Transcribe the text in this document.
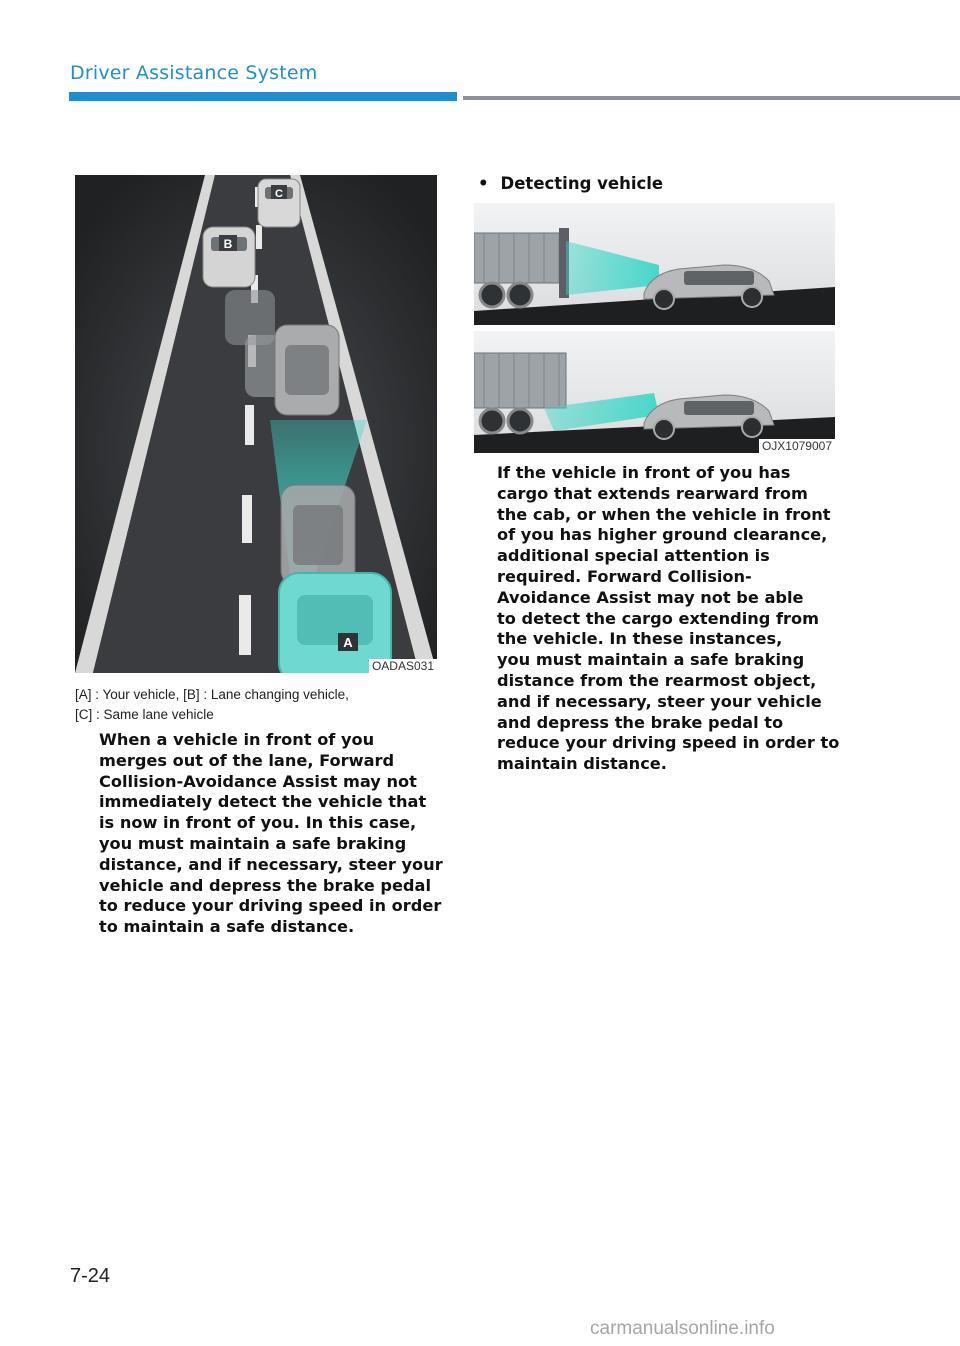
Driver Assistance System
C
B
A
OADAS031

[A] : Your vehicle, [B] : Lane changing vehicle,
[C] : Same lane vehicle

When a vehicle in front of you
merges out of the lane, Forward
Collision-Avoidance Assist may not
immediately detect the vehicle that
is now in front of you. In this case,
you must maintain a safe braking
distance, and if necessary, steer your
vehicle and depress the brake pedal
to reduce your driving speed in order
to maintain a safe distance.

• Detecting vehicle
OJX1079007

If the vehicle in front of you has
cargo that extends rearward from
the cab, or when the vehicle in front
of you has higher ground clearance,
additional special attention is
required. Forward Collision-
Avoidance Assist may not be able
to detect the cargo extending from
the vehicle. In these instances,
you must maintain a safe braking
distance from the rearmost object,
and if necessary, steer your vehicle
and depress the brake pedal to
reduce your driving speed in order to
maintain distance.

7-24
carmanualsonline.info
